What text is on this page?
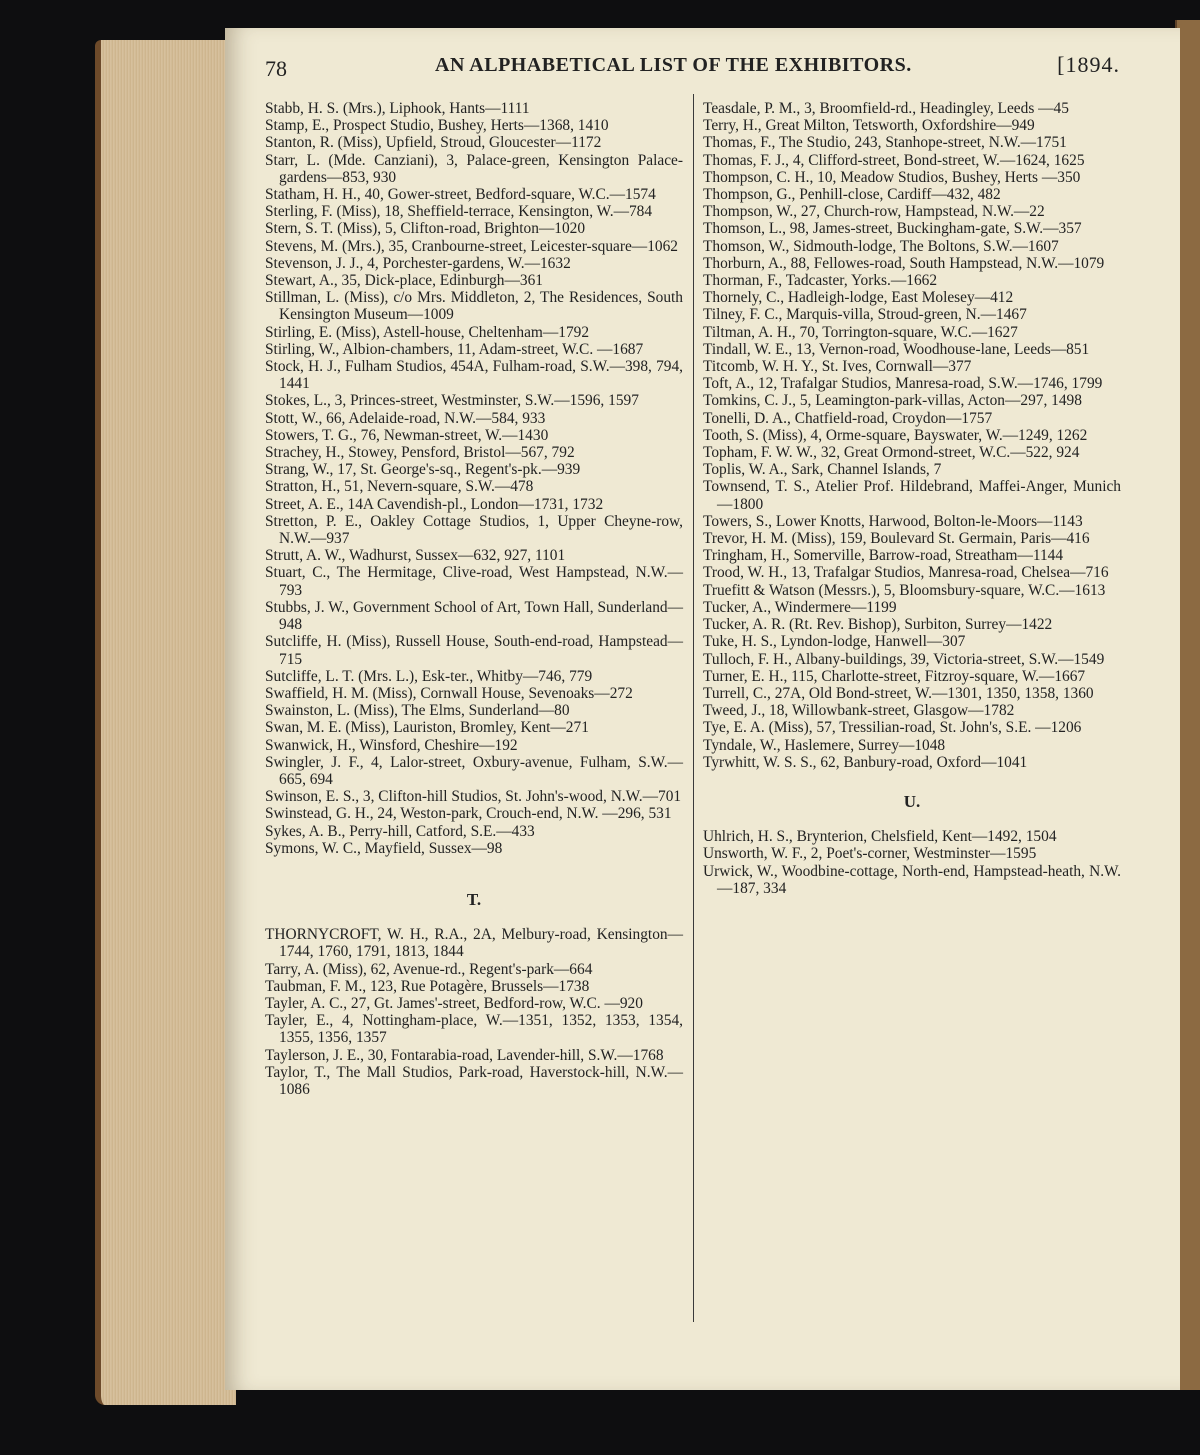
78	AN ALPHABETICAL LIST OF THE EXHIBITORS.	[1894.

Stabb, H. S. (Mrs.), Liphook, Hants—1111

Stamp, E., Prospect Studio, Bushey, Herts—1368, 1410

Stanton, R. (Miss), Upfield, Stroud, Gloucester—1172

Starr, L. (Mde. Canziani), 3, Palace-green, Kensington Palace-gardens—853, 930

Statham, H. H., 40, Gower-street, Bedford-square, W.C.—1574

Sterling, F. (Miss), 18, Sheffield-terrace, Kensington, W.—784

Stern, S. T. (Miss), 5, Clifton-road, Brighton—1020

Stevens, M. (Mrs.), 35, Cranbourne-street, Leicester-square—1062

Stevenson, J. J., 4, Porchester-gardens, W.—1632

Stewart, A., 35, Dick-place, Edinburgh—361

Stillman, L. (Miss), c/o Mrs. Middleton, 2, The Residences, South Kensington Museum—1009

Stirling, E. (Miss), Astell-house, Cheltenham—1792

Stirling, W., Albion-chambers, 11, Adam-street, W.C. —1687

Stock, H. J., Fulham Studios, 454A, Fulham-road, S.W.—398, 794, 1441

Stokes, L., 3, Princes-street, Westminster, S.W.—1596, 1597

Stott, W., 66, Adelaide-road, N.W.—584, 933

Stowers, T. G., 76, Newman-street, W.—1430

Strachey, H., Stowey, Pensford, Bristol—567, 792

Strang, W., 17, St. George's-sq., Regent's-pk.—939

Stratton, H., 51, Nevern-square, S.W.—478

Street, A. E., 14A Cavendish-pl., London—1731, 1732

Stretton, P. E., Oakley Cottage Studios, 1, Upper Cheyne-row, N.W.—937

Strutt, A. W., Wadhurst, Sussex—632, 927, 1101

Stuart, C., The Hermitage, Clive-road, West Hampstead, N.W.—793

Stubbs, J. W., Government School of Art, Town Hall, Sunderland—948

Sutcliffe, H. (Miss), Russell House, South-end-road, Hampstead—715

Sutcliffe, L. T. (Mrs. L.), Esk-ter., Whitby—746, 779

Swaffield, H. M. (Miss), Cornwall House, Sevenoaks—272

Swainston, L. (Miss), The Elms, Sunderland—80

Swan, M. E. (Miss), Lauriston, Bromley, Kent—271

Swanwick, H., Winsford, Cheshire—192

Swingler, J. F., 4, Lalor-street, Oxbury-avenue, Fulham, S.W.—665, 694

Swinson, E. S., 3, Clifton-hill Studios, St. John's-wood, N.W.—701

Swinstead, G. H., 24, Weston-park, Crouch-end, N.W. —296, 531

Sykes, A. B., Perry-hill, Catford, S.E.—433

Symons, W. C., Mayfield, Sussex—98

T.

THORNYCROFT, W. H., R.A., 2A, Melbury-road, Kensington—1744, 1760, 1791, 1813, 1844

Tarry, A. (Miss), 62, Avenue-rd., Regent's-park—664

Taubman, F. M., 123, Rue Potagère, Brussels—1738

Tayler, A. C., 27, Gt. James'-street, Bedford-row, W.C. —920

Tayler, E., 4, Nottingham-place, W.—1351, 1352, 1353, 1354, 1355, 1356, 1357

Taylerson, J. E., 30, Fontarabia-road, Lavender-hill, S.W.—1768

Taylor, T., The Mall Studios, Park-road, Haverstock-hill, N.W.—1086

Teasdale, P. M., 3, Broomfield-rd., Headingley, Leeds —45

Terry, H., Great Milton, Tetsworth, Oxfordshire—949

Thomas, F., The Studio, 243, Stanhope-street, N.W.—1751

Thomas, F. J., 4, Clifford-street, Bond-street, W.—1624, 1625

Thompson, C. H., 10, Meadow Studios, Bushey, Herts —350

Thompson, G., Penhill-close, Cardiff—432, 482

Thompson, W., 27, Church-row, Hampstead, N.W.—22

Thomson, L., 98, James-street, Buckingham-gate, S.W.—357

Thomson, W., Sidmouth-lodge, The Boltons, S.W.—1607

Thorburn, A., 88, Fellowes-road, South Hampstead, N.W.—1079

Thorman, F., Tadcaster, Yorks.—1662

Thornely, C., Hadleigh-lodge, East Molesey—412

Tilney, F. C., Marquis-villa, Stroud-green, N.—1467

Tiltman, A. H., 70, Torrington-square, W.C.—1627

Tindall, W. E., 13, Vernon-road, Woodhouse-lane, Leeds—851

Titcomb, W. H. Y., St. Ives, Cornwall—377

Toft, A., 12, Trafalgar Studios, Manresa-road, S.W.—1746, 1799

Tomkins, C. J., 5, Leamington-park-villas, Acton—297, 1498

Tonelli, D. A., Chatfield-road, Croydon—1757

Tooth, S. (Miss), 4, Orme-square, Bayswater, W.—1249, 1262

Topham, F. W. W., 32, Great Ormond-street, W.C.—522, 924

Toplis, W. A., Sark, Channel Islands, 7

Townsend, T. S., Atelier Prof. Hildebrand, Maffei-Anger, Munich—1800

Towers, S., Lower Knotts, Harwood, Bolton-le-Moors—1143

Trevor, H. M. (Miss), 159, Boulevard St. Germain, Paris—416

Tringham, H., Somerville, Barrow-road, Streatham—1144

Trood, W. H., 13, Trafalgar Studios, Manresa-road, Chelsea—716

Truefitt & Watson (Messrs.), 5, Bloomsbury-square, W.C.—1613

Tucker, A., Windermere—1199

Tucker, A. R. (Rt. Rev. Bishop), Surbiton, Surrey—1422

Tuke, H. S., Lyndon-lodge, Hanwell—307

Tulloch, F. H., Albany-buildings, 39, Victoria-street, S.W.—1549

Turner, E. H., 115, Charlotte-street, Fitzroy-square, W.—1667

Turrell, C., 27A, Old Bond-street, W.—1301, 1350, 1358, 1360

Tweed, J., 18, Willowbank-street, Glasgow—1782

Tye, E. A. (Miss), 57, Tressilian-road, St. John's, S.E. —1206

Tyndale, W., Haslemere, Surrey—1048

Tyrwhitt, W. S. S., 62, Banbury-road, Oxford—1041

U.

Uhlrich, H. S., Brynterion, Chelsfield, Kent—1492, 1504

Unsworth, W. F., 2, Poet's-corner, Westminster—1595

Urwick, W., Woodbine-cottage, North-end, Hampstead-heath, N.W.—187, 334
